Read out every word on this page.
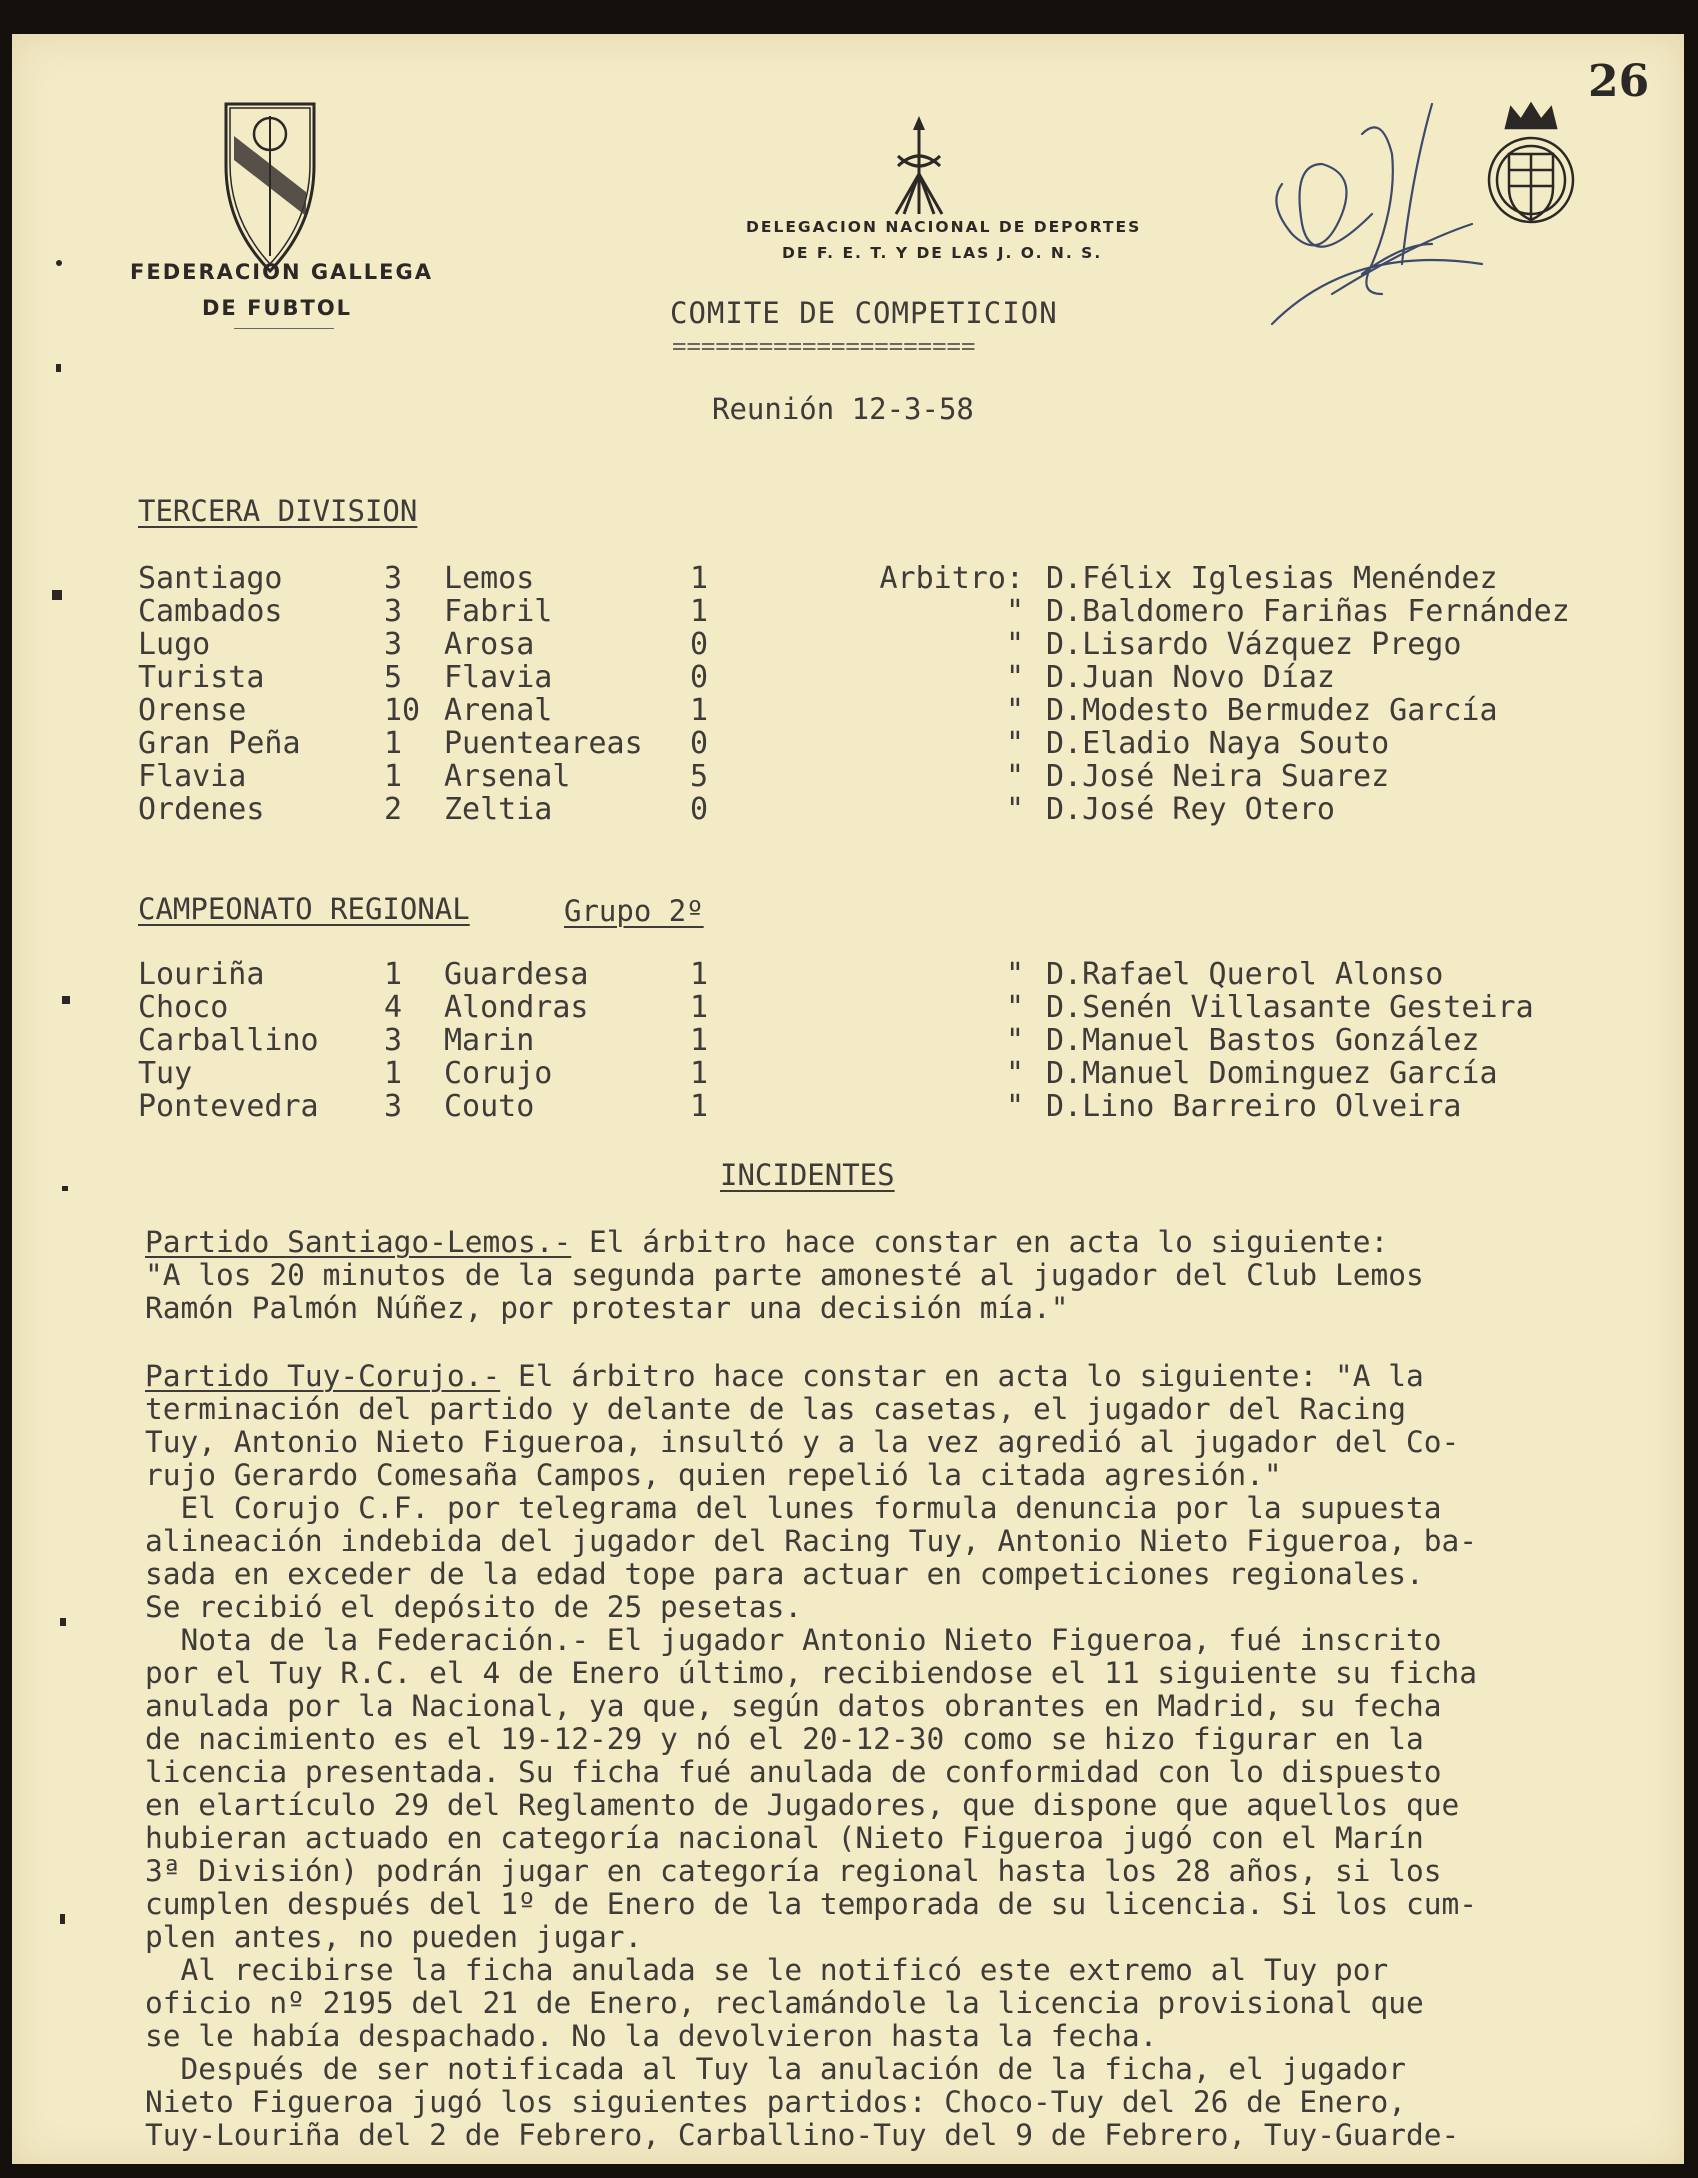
26
FEDERACION GALLEGA
DE FUBTOL
DELEGACION NACIONAL DE DEPORTES
DE F. E. T. Y DE LAS J. O. N. S.
COMITE DE COMPETICION
=====================
Reunión 12-3-58
TERCERA DIVISION
Santiago	3	Lemos	1	Arbitro:	D.Félix Iglesias Menéndez
Cambados	3	Fabril	1	"	D.Baldomero Fariñas Fernández
Lugo	3	Arosa	0	"	D.Lisardo Vázquez Prego
Turista	5	Flavia	0	"	D.Juan Novo Díaz
Orense	10	Arenal	1	"	D.Modesto Bermudez García
Gran Peña	1	Puenteareas	0	"	D.Eladio Naya Souto
Flavia	1	Arsenal	5	"	D.José Neira Suarez
Ordenes	2	Zeltia	0	"	D.José Rey Otero
CAMPEONATO REGIONAL	Grupo 2º
Louriña	1	Guardesa	1	"	D.Rafael Querol Alonso
Choco	4	Alondras	1	"	D.Senén Villasante Gesteira
Carballino	3	Marin	1	"	D.Manuel Bastos González
Tuy	1	Corujo	1	"	D.Manuel Dominguez García
Pontevedra	3	Couto	1	"	D.Lino Barreiro Olveira
INCIDENTES
Partido Santiago-Lemos.- El árbitro hace constar en acta lo siguiente:
"A los 20 minutos de la segunda parte amonesté al jugador del Club Lemos
Ramón Palmón Núñez, por protestar una decisión mía."
Partido Tuy-Corujo.- El árbitro hace constar en acta lo siguiente: "A la
terminación del partido y delante de las casetas, el jugador del Racing
Tuy, Antonio Nieto Figueroa, insultó y a la vez agredió al jugador del Co-
rujo Gerardo Comesaña Campos, quien repelió la citada agresión."
El Corujo C.F. por telegrama del lunes formula denuncia por la supuesta
alineación indebida del jugador del Racing Tuy, Antonio Nieto Figueroa, ba-
sada en exceder de la edad tope para actuar en competiciones regionales.
Se recibió el depósito de 25 pesetas.
Nota de la Federación.- El jugador Antonio Nieto Figueroa, fué inscrito
por el Tuy R.C. el 4 de Enero último, recibiendose el 11 siguiente su ficha
anulada por la Nacional, ya que, según datos obrantes en Madrid, su fecha
de nacimiento es el 19-12-29 y nó el 20-12-30 como se hizo figurar en la
licencia presentada. Su ficha fué anulada de conformidad con lo dispuesto
en elartículo 29 del Reglamento de Jugadores, que dispone que aquellos que
hubieran actuado en categoría nacional (Nieto Figueroa jugó con el Marín
3ª División) podrán jugar en categoría regional hasta los 28 años, si los
cumplen después del 1º de Enero de la temporada de su licencia. Si los cum-
plen antes, no pueden jugar.
Al recibirse la ficha anulada se le notificó este extremo al Tuy por
oficio nº 2195 del 21 de Enero, reclamándole la licencia provisional que
se le había despachado. No la devolvieron hasta la fecha.
Después de ser notificada al Tuy la anulación de la ficha, el jugador
Nieto Figueroa jugó los siguientes partidos: Choco-Tuy del 26 de Enero,
Tuy-Louriña del 2 de Febrero, Carballino-Tuy del 9 de Febrero, Tuy-Guarde-
